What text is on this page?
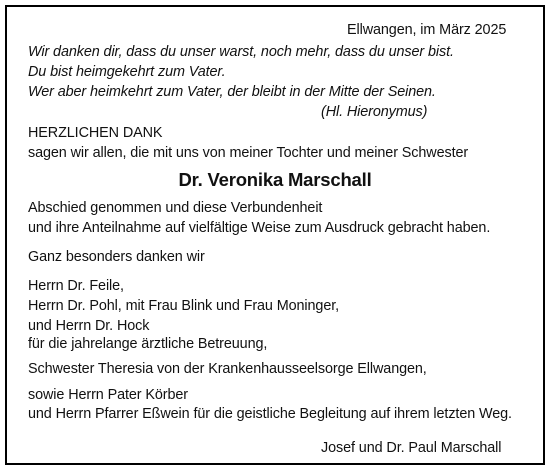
Ellwangen, im März 2025
Wir danken dir, dass du unser warst, noch mehr, dass du unser bist.
Du bist heimgekehrt zum Vater.
Wer aber heimkehrt zum Vater, der bleibt in der Mitte der Seinen.
(Hl. Hieronymus)
HERZLICHEN DANK
sagen wir allen, die mit uns von meiner Tochter und meiner Schwester
Dr. Veronika Marschall
Abschied genommen und diese Verbundenheit
und ihre Anteilnahme auf vielfältige Weise zum Ausdruck gebracht haben.
Ganz besonders danken wir
Herrn Dr. Feile,
Herrn Dr. Pohl, mit Frau Blink und Frau Moninger,
und Herrn Dr. Hock
für die jahrelange ärztliche Betreuung,
Schwester Theresia von der Krankenhausseelsorge Ellwangen,
sowie Herrn Pater Körber
und Herrn Pfarrer Eßwein für die geistliche Begleitung auf ihrem letzten Weg.
Josef und Dr. Paul Marschall
